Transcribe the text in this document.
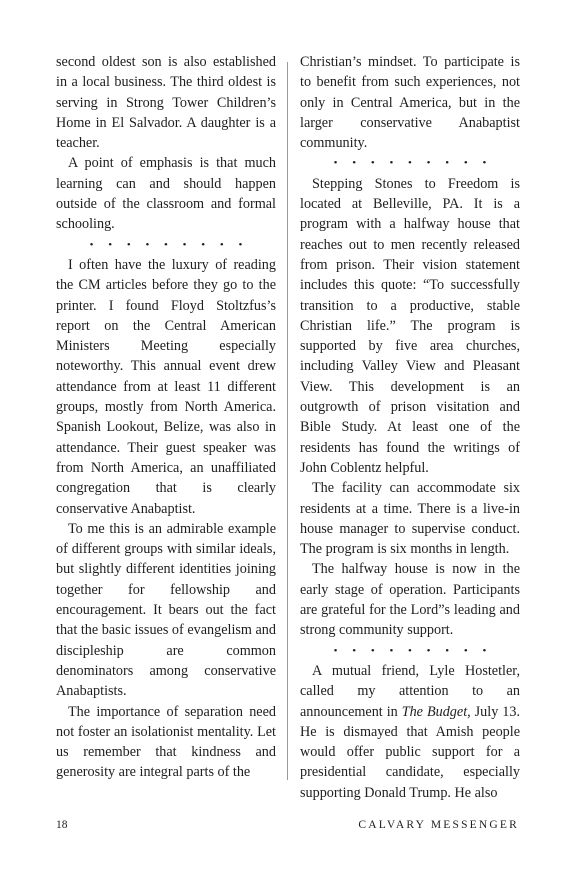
second oldest son is also established in a local business. The third oldest is serving in Strong Tower Children’s Home in El Salvador. A daughter is a teacher.

A point of emphasis is that much learning can and should happen outside of the classroom and formal schooling.

• • • • • • • • •

I often have the luxury of reading the CM articles before they go to the printer. I found Floyd Stoltzfus’s report on the Central American Ministers Meeting especially noteworthy. This annual event drew attendance from at least 11 different groups, mostly from North America. Spanish Lookout, Belize, was also in attendance. Their guest speaker was from North America, an unaffiliated congregation that is clearly conservative Anabaptist.

To me this is an admirable example of different groups with similar ideals, but slightly different identities joining together for fellowship and encouragement. It bears out the fact that the basic issues of evangelism and discipleship are common denominators among conservative Anabaptists.

The importance of separation need not foster an isolationist mentality. Let us remember that kindness and generosity are integral parts of the

Christian’s mindset. To participate is to benefit from such experiences, not only in Central America, but in the larger conservative Anabaptist community.

• • • • • • • • •

Stepping Stones to Freedom is located at Belleville, PA. It is a program with a halfway house that reaches out to men recently released from prison. Their vision statement includes this quote: “To successfully transition to a productive, stable Christian life.” The program is supported by five area churches, including Valley View and Pleasant View. This development is an outgrowth of prison visitation and Bible Study. At least one of the residents has found the writings of John Coblentz helpful.

The facility can accommodate six residents at a time. There is a live-in house manager to supervise conduct. The program is six months in length.

The halfway house is now in the early stage of operation. Participants are grateful for the Lord”s leading and strong community support.

• • • • • • • • •

A mutual friend, Lyle Hostetler, called my attention to an announcement in The Budget, July 13. He is dismayed that Amish people would offer public support for a presidential candidate, especially supporting Donald Trump. He also

18	CALVARY MESSENGER
